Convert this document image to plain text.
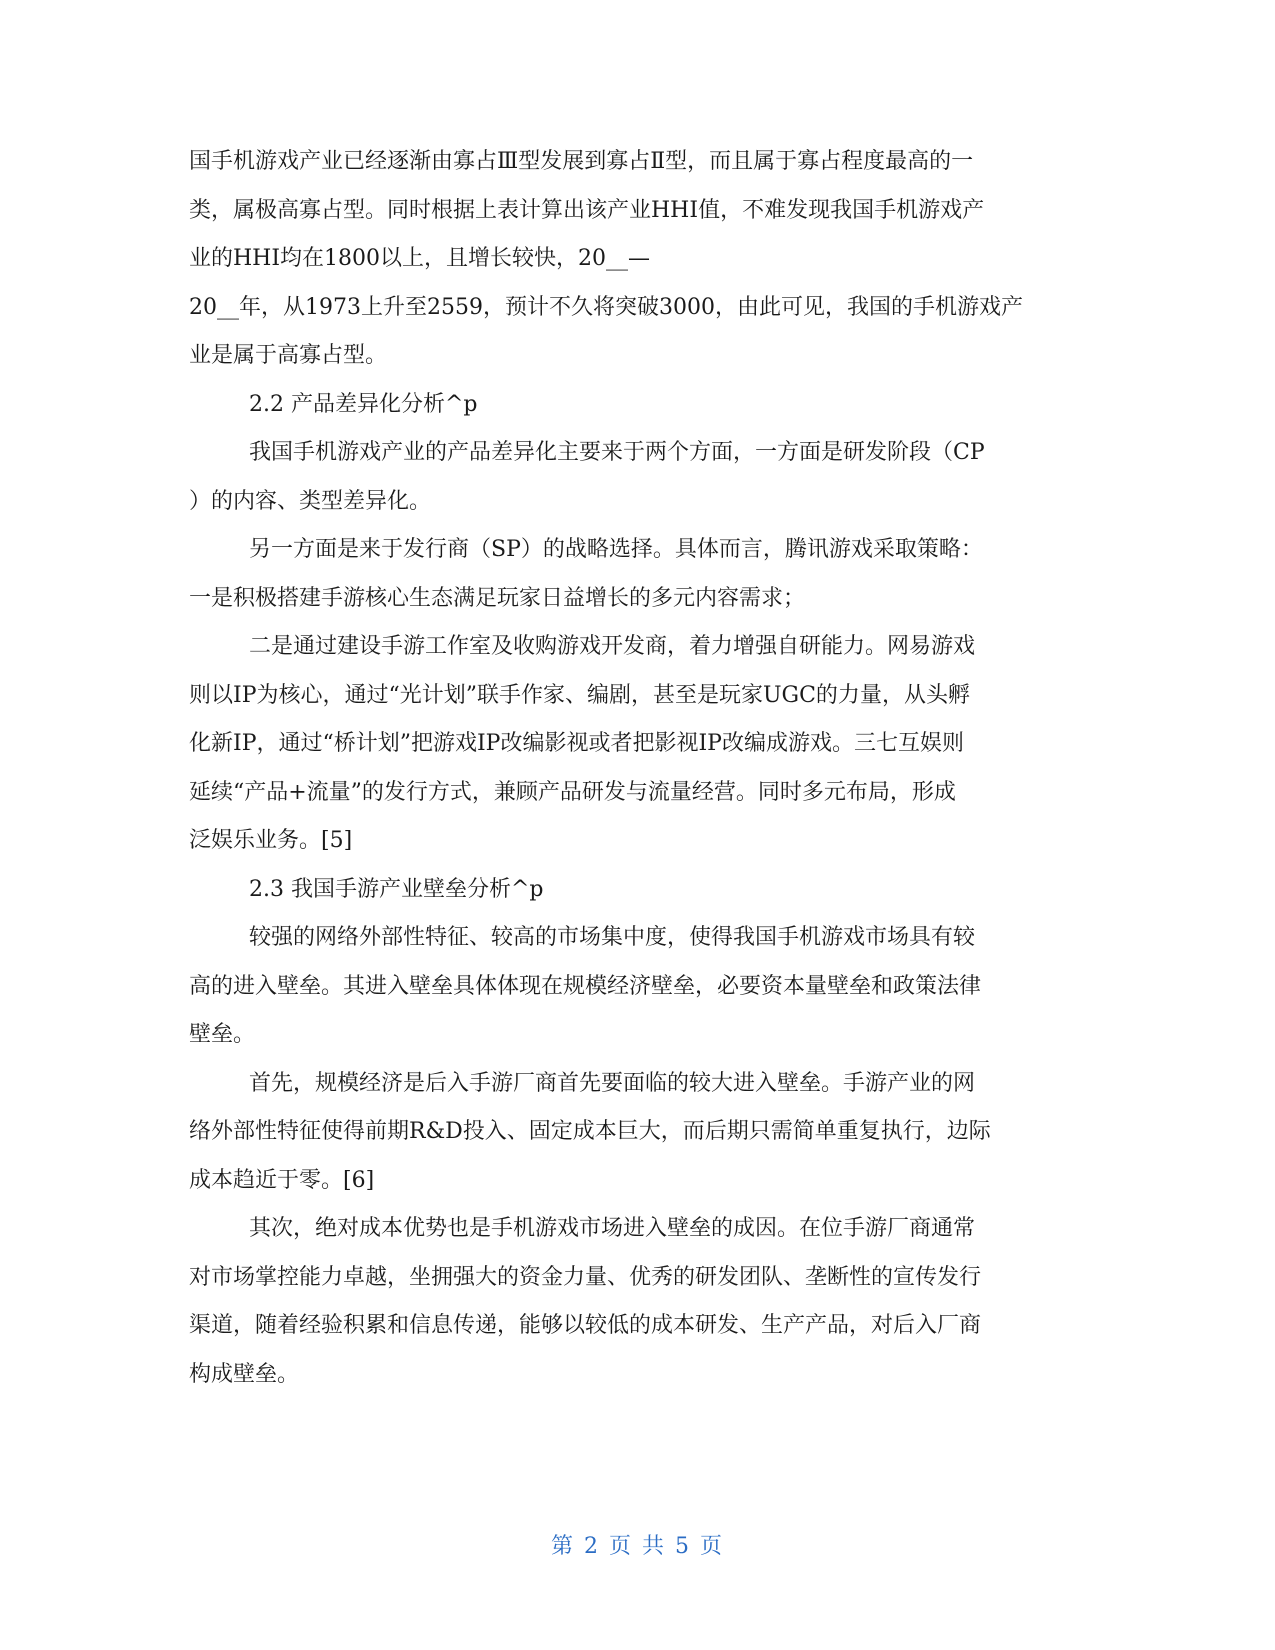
国手机游戏产业已经逐渐由寡占Ⅲ型发展到寡占Ⅱ型，而且属于寡占程度最高的一
类，属极高寡占型。同时根据上表计算出该产业HHI值，不难发现我国手机游戏产
业的HHI均在1800以上，且增长较快，20__—
20__年，从1973上升至2559，预计不久将突破3000，由此可见，我国的手机游戏产
业是属于高寡占型。
2.2 产品差异化分析^p
我国手机游戏产业的产品差异化主要来于两个方面，一方面是研发阶段（CP
）的内容、类型差异化。
另一方面是来于发行商（SP）的战略选择。具体而言，腾讯游戏采取策略：
一是积极搭建手游核心生态满足玩家日益增长的多元内容需求；
二是通过建设手游工作室及收购游戏开发商，着力增强自研能力。网易游戏
则以IP为核心，通过“光计划”联手作家、编剧，甚至是玩家UGC的力量，从头孵
化新IP，通过“桥计划”把游戏IP改编影视或者把影视IP改编成游戏。三七互娱则
延续“产品+流量”的发行方式，兼顾产品研发与流量经营。同时多元布局，形成
泛娱乐业务。[5]
2.3 我国手游产业壁垒分析^p
较强的网络外部性特征、较高的市场集中度，使得我国手机游戏市场具有较
高的进入壁垒。其进入壁垒具体体现在规模经济壁垒，必要资本量壁垒和政策法律
壁垒。
首先，规模经济是后入手游厂商首先要面临的较大进入壁垒。手游产业的网
络外部性特征使得前期R&D投入、固定成本巨大，而后期只需简单重复执行，边际
成本趋近于零。[6]
其次，绝对成本优势也是手机游戏市场进入壁垒的成因。在位手游厂商通常
对市场掌控能力卓越，坐拥强大的资金力量、优秀的研发团队、垄断性的宣传发行
渠道，随着经验积累和信息传递，能够以较低的成本研发、生产产品，对后入厂商
构成壁垒。
第 2 页 共 5 页
